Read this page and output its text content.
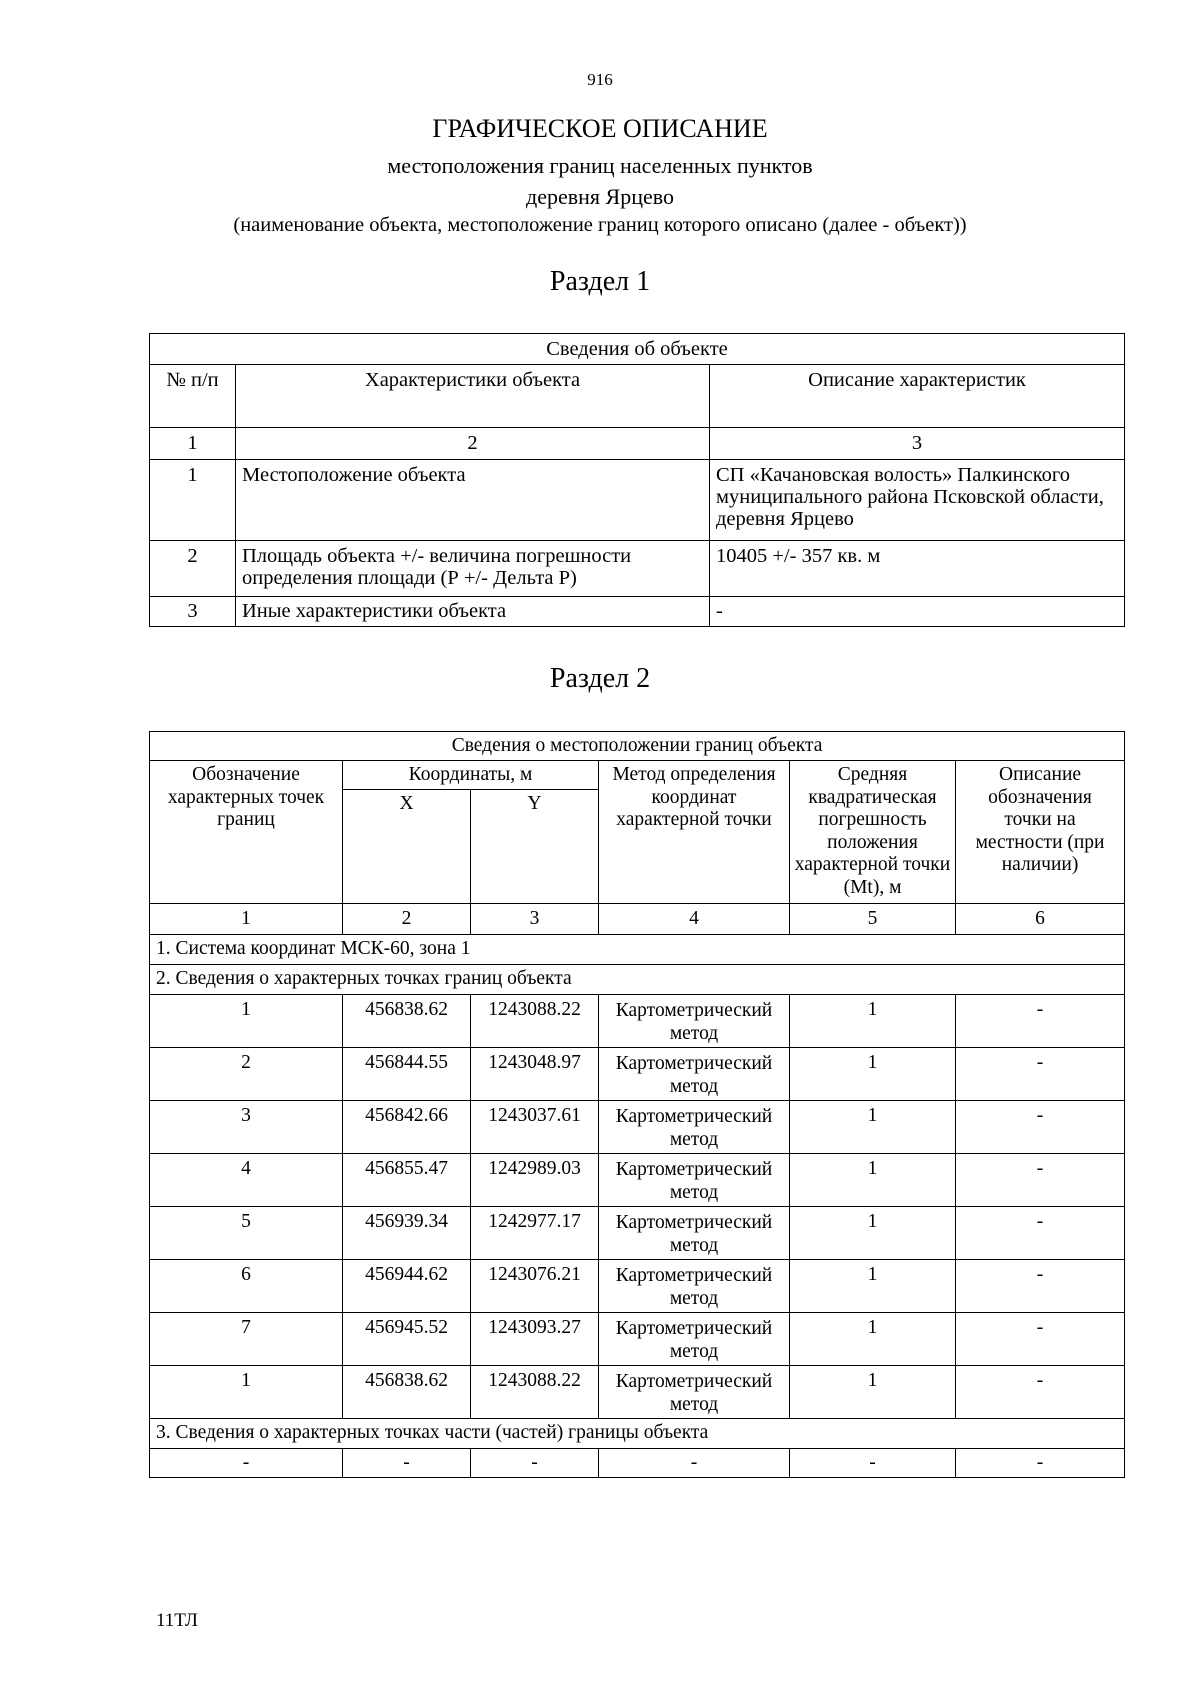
916
ГРАФИЧЕСКОЕ ОПИСАНИЕ
местоположения границ населенных пунктов
деревня Ярцево
(наименование объекта, местоположение границ которого описано (далее - объект))
Раздел 1
Сведения об объекте		
№ п/п	Характеристики объекта	Описание характеристик
1	2	3
1	Местоположение объекта	СП «Качановская волость» Палкинского муниципального района Псковской области, деревня Ярцево
2	Площадь объекта +/- величина погрешности определения площади (Р +/- Дельта Р)	10405 +/- 357 кв. м
3	Иные характеристики объекта	-
Раздел 2
Сведения о местоположении границ объекта					
Обозначение характерных точек границ	Координаты, м		Метод определения координат характерной точки	Средняя квадратическая погрешность положения характерной точки (Mt), м	Описание обозначения точки на местности (при наличии)
	X	Y			
1	2	3	4	5	6
1. Система координат МСК-60, зона 1					
2. Сведения о характерных точках границ объекта					
1	456838.62	1243088.22	Картометрический метод	1	-
2	456844.55	1243048.97	Картометрический метод	1	-
3	456842.66	1243037.61	Картометрический метод	1	-
4	456855.47	1242989.03	Картометрический метод	1	-
5	456939.34	1242977.17	Картометрический метод	1	-
6	456944.62	1243076.21	Картометрический метод	1	-
7	456945.52	1243093.27	Картометрический метод	1	-
1	456838.62	1243088.22	Картометрический метод	1	-
3. Сведения о характерных точках части (частей) границы объекта					
-	-	-	-	-	-
11ТЛ
